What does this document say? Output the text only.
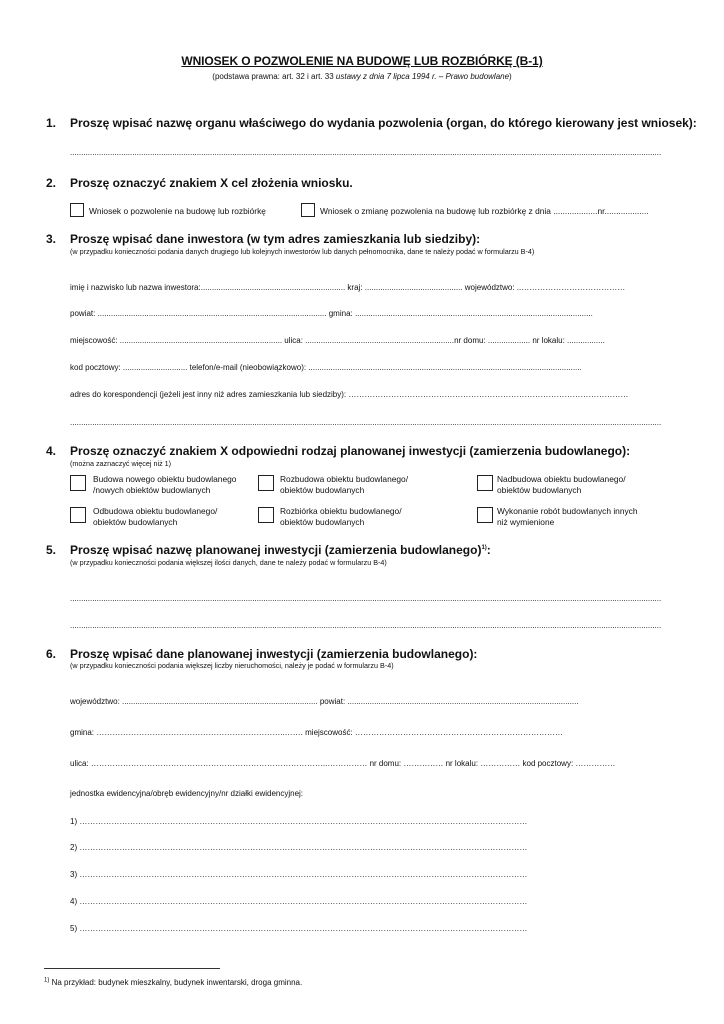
WNIOSEK O POZWOLENIE NA BUDOWĘ LUB ROZBIÓRKĘ (B-1)
(podstawa prawna: art. 32 i art. 33 ustawy z dnia 7 lipca 1994 r. – Prawo budowlane)
1. Proszę wpisać nazwę organu właściwego do wydania pozwolenia (organ, do którego kierowany jest wniosek):
..........................................................................................................................................................................................................................................................................
2. Proszę oznaczyć znakiem X cel złożenia wniosku.
Wniosek o pozwolenie na budowę lub rozbiórkę	Wniosek o zmianę pozwolenia na budowę lub rozbiórkę z dnia ...................nr...................
3. Proszę wpisać dane inwestora (w tym adres zamieszkania lub siedziby):
(w przypadku konieczności podania danych drugiego lub kolejnych inwestorów lub danych pełnomocnika, dane te należy podać w formularzu B-4)
imię i nazwisko lub nazwa inwestora:................................................................. kraj: ............................................ województwo: ..…………………………………
powiat: ....................................................................................................... gmina: ...........................................................................................................
miejscowość: ......................................................................... ulica: ...................................................................nr domu: ................... nr lokalu: .................
kod pocztowy: ............................. telefon/e-mail (nieobowiązkowo): ...........................................................................................................................
adres do korespondencji (jeżeli jest inny niż adres zamieszkania lub siedziby): ……………………………………………………………………………………………
..........................................................................................................................................................................................................................................................................
4. Proszę oznaczyć znakiem X odpowiedni rodzaj planowanej inwestycji (zamierzenia budowlanego):
(można zaznaczyć więcej niż 1)
Budowa nowego obiektu budowlanego
/nowych obiektów budowlanych
Rozbudowa obiektu budowlanego/
obiektów budowlanych
Nadbudowa obiektu budowlanego/
obiektów budowlanych
Odbudowa obiektu budowlanego/
obiektów budowlanych
Rozbiórka obiektu budowlanego/
obiektów budowlanych
Wykonanie robót budowlanych innych
niż wymienione
5. Proszę wpisać nazwę planowanej inwestycji (zamierzenia budowlanego)$^{1)}$:
(w przypadku konieczności podania większej ilości danych, dane te należy podać w formularzu B-4)
..........................................................................................................................................................................................................................................................................
..........................................................................................................................................................................................................................................................................
6. Proszę wpisać dane planowanej inwestycji (zamierzenia budowlanego):
(w przypadku konieczności podania większej liczby nieruchomości, należy je podać w formularzu B-4)
województwo: ........................................................................................ powiat: ........................................................................................................
gmina: ……………………………………………………………..……. miejscowość: ……………………………………………………………………
ulica: ……………………………………………………………………………..…………… nr domu: …………… nr lokalu: …………… kod pocztowy: ……………
jednostka ewidencyjna/obręb ewidencyjny/nr działki ewidencyjnej:
1) ……………………………………………………………………………………………………………………………………………………
2) ……………………………………………………………………………………………………………………………………………………
3) ……………………………………………………………………………………………………………………………………………………
4) ……………………………………………………………………………………………………………………………………………………
5) ……………………………………………………………………………………………………………………………………………………
$^{1)}$ Na przykład: budynek mieszkalny, budynek inwentarski, droga gminna.
